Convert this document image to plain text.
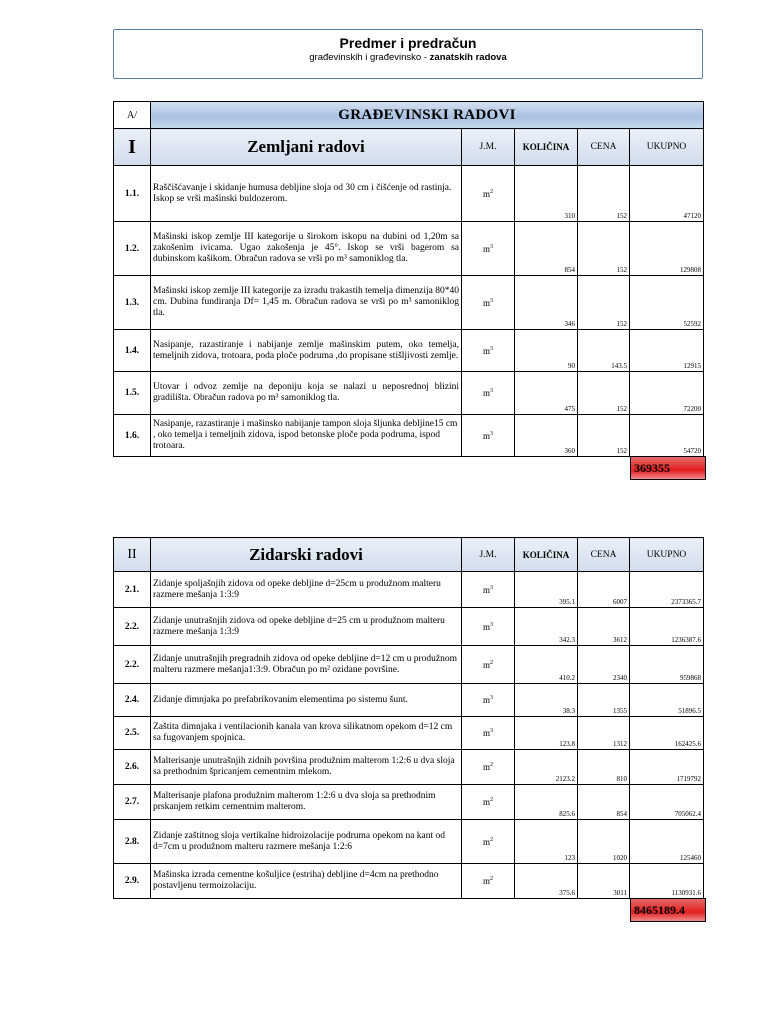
Predmer i predračun
građevinskih i građevinsko - zanatskih radova
A/	GRAĐEVINSKI RADOVI				
I	Zemljani radovi	J.M.	KOLIČINA	CENA	UKUPNO
1.1.	Raščišćavanje i skidanje humusa debljine sloja od 30 cm i čišćenje od rastinja. Iskop se vrši mašinski buldozerom.	$m^2$	310	152	47120
1.2.	Mašinski iskop zemlje III kategorije u širokom iskopu na dubini od 1,20m sa zakošenim ivicama. Ugao zakošenja je 45°. Iskop se vrši bagerom sa dubinskom kašikom. Obračun radova se vrši po m³ samoniklog tla.	$m^3$	854	152	129808
1.3.	Mašinski iskop zemlje III kategorije za izradu trakastih temelja dimenzija 80*40 cm. Dubina fundiranja Df= 1,45 m. Obračun radova se vrši po m³ samoniklog tla.	$m^3$	346	152	52592
1.4.	Nasipanje, razastiranje i nabijanje zemlje mašinskim putem, oko temelja, temeljnih zidova, trotoara, poda ploče podruma ,do propisane stišljivosti zemlje.	$m^3$	90	143.5	12915
1.5.	Utovar i odvoz zemlje na deponiju koja se nalazi u neposrednoj blizini gradilišta. Obračun radova po m³ samoniklog tla.	$m^3$	475	152	72200
1.6.	Nasipanje, razastiranje i mašinsko nabijanje tampon sloja šljunka debljine15 cm , oko temelja i temeljnih zidova, ispod betonske ploče poda podruma, ispod trotoara.	$m^3$	360	152	54720
369355
II	Zidarski radovi	J.M.	KOLIČINA	CENA	UKUPNO
2.1.	Zidanje spoljašnjih zidova od opeke debljine d=25cm u produžnom malteru razmere mešanja 1:3:9	$m^3$	395.1	6007	2373365.7
2.2.	Zidanje unutrašnjih zidova od opeke debljine d=25 cm u produžnom malteru razmere mešanja 1:3:9	$m^3$	342.3	3612	1236387.6
2.2.	Zidanje unutrašnjih pregradnih zidova od opeke debljine d=12 cm u produžnom malteru razmere mešanja1:3:9. Obračun po m² ozidane površine.	$m^2$	410.2	2340	959868
2.4.	Zidanje dimnjaka po prefabrikovanim elementima po sistemu šunt.	$m^3$	38.3	1355	51896.5
2.5.	Zaštita dimnjaka i ventilacionih kanala van krova silikatnom opekom d=12 cm sa fugovanjem spojnica.	$m^3$	123.8	1312	162425.6
2.6.	Malterisanje unutrašnjih zidnih površina produžnim malterom 1:2:6 u dva sloja sa prethodnim špricanjem cementnim mlekom.	$m^2$	2123.2	810	1719792
2.7.	Malterisanje plafona produžnim malterom 1:2:6 u dva sloja sa prethodnim prskanjem retkim cementnim malterom.	$m^2$	825.6	854	705062.4
2.8.	Zidanje zaštitnog sloja vertikalne hidroizolacije podruma opekom na kant od d=7cm u produžnom malteru razmere mešanja 1:2:6	$m^2$	123	1020	125460
2.9.	Mašinska izrada cementne košuljice (estriha) debljine d=4cm na prethodno postavljenu termoizolaciju.	$m^2$	375.6	3011	1130931.6
8465189.4
